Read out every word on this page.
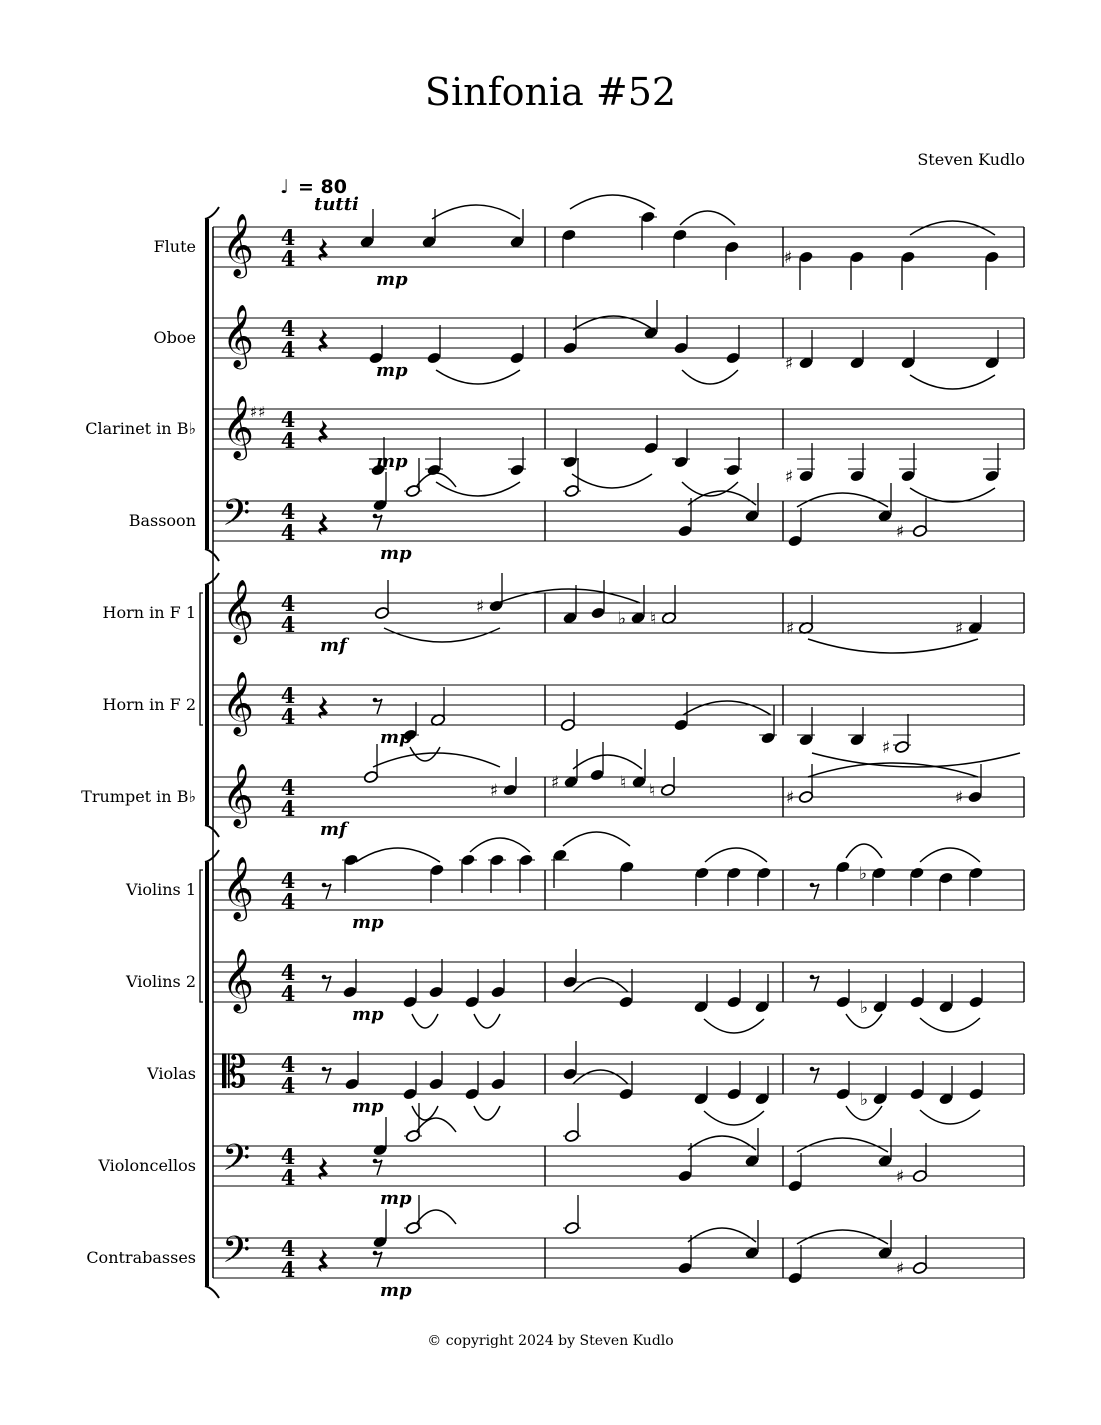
Sinfonia #52
Steven Kudlo
♩ = 80
tutti
Flute 𝄞 4
4	♯
mp
Oboe 𝄞 4
4
♯
mp
Clarinet in B♭ 𝄞
♯♯ 4
4
♯
mp
Bassoon 𝄢 4
4	♯
mp
Horn in F 1 𝄞 4
4
♯
♭ ♮	♯	♯
mf
Horn in F 2 𝄞 4
4
♯
mp
Trumpet in B♭ 𝄞 4
4
♯	♯	♮ ♮	♯	♯
mf
Violins 1 𝄞 4
4
♭
mp
Violins 2 𝄞 4
4
♭
mp
Violas 𝄡 4
4
♭
mp
Violoncellos 𝄢 4
4	♯
mp
Contrabasses 𝄢 4
4	♯
mp
© copyright 2024 by Steven Kudlo
